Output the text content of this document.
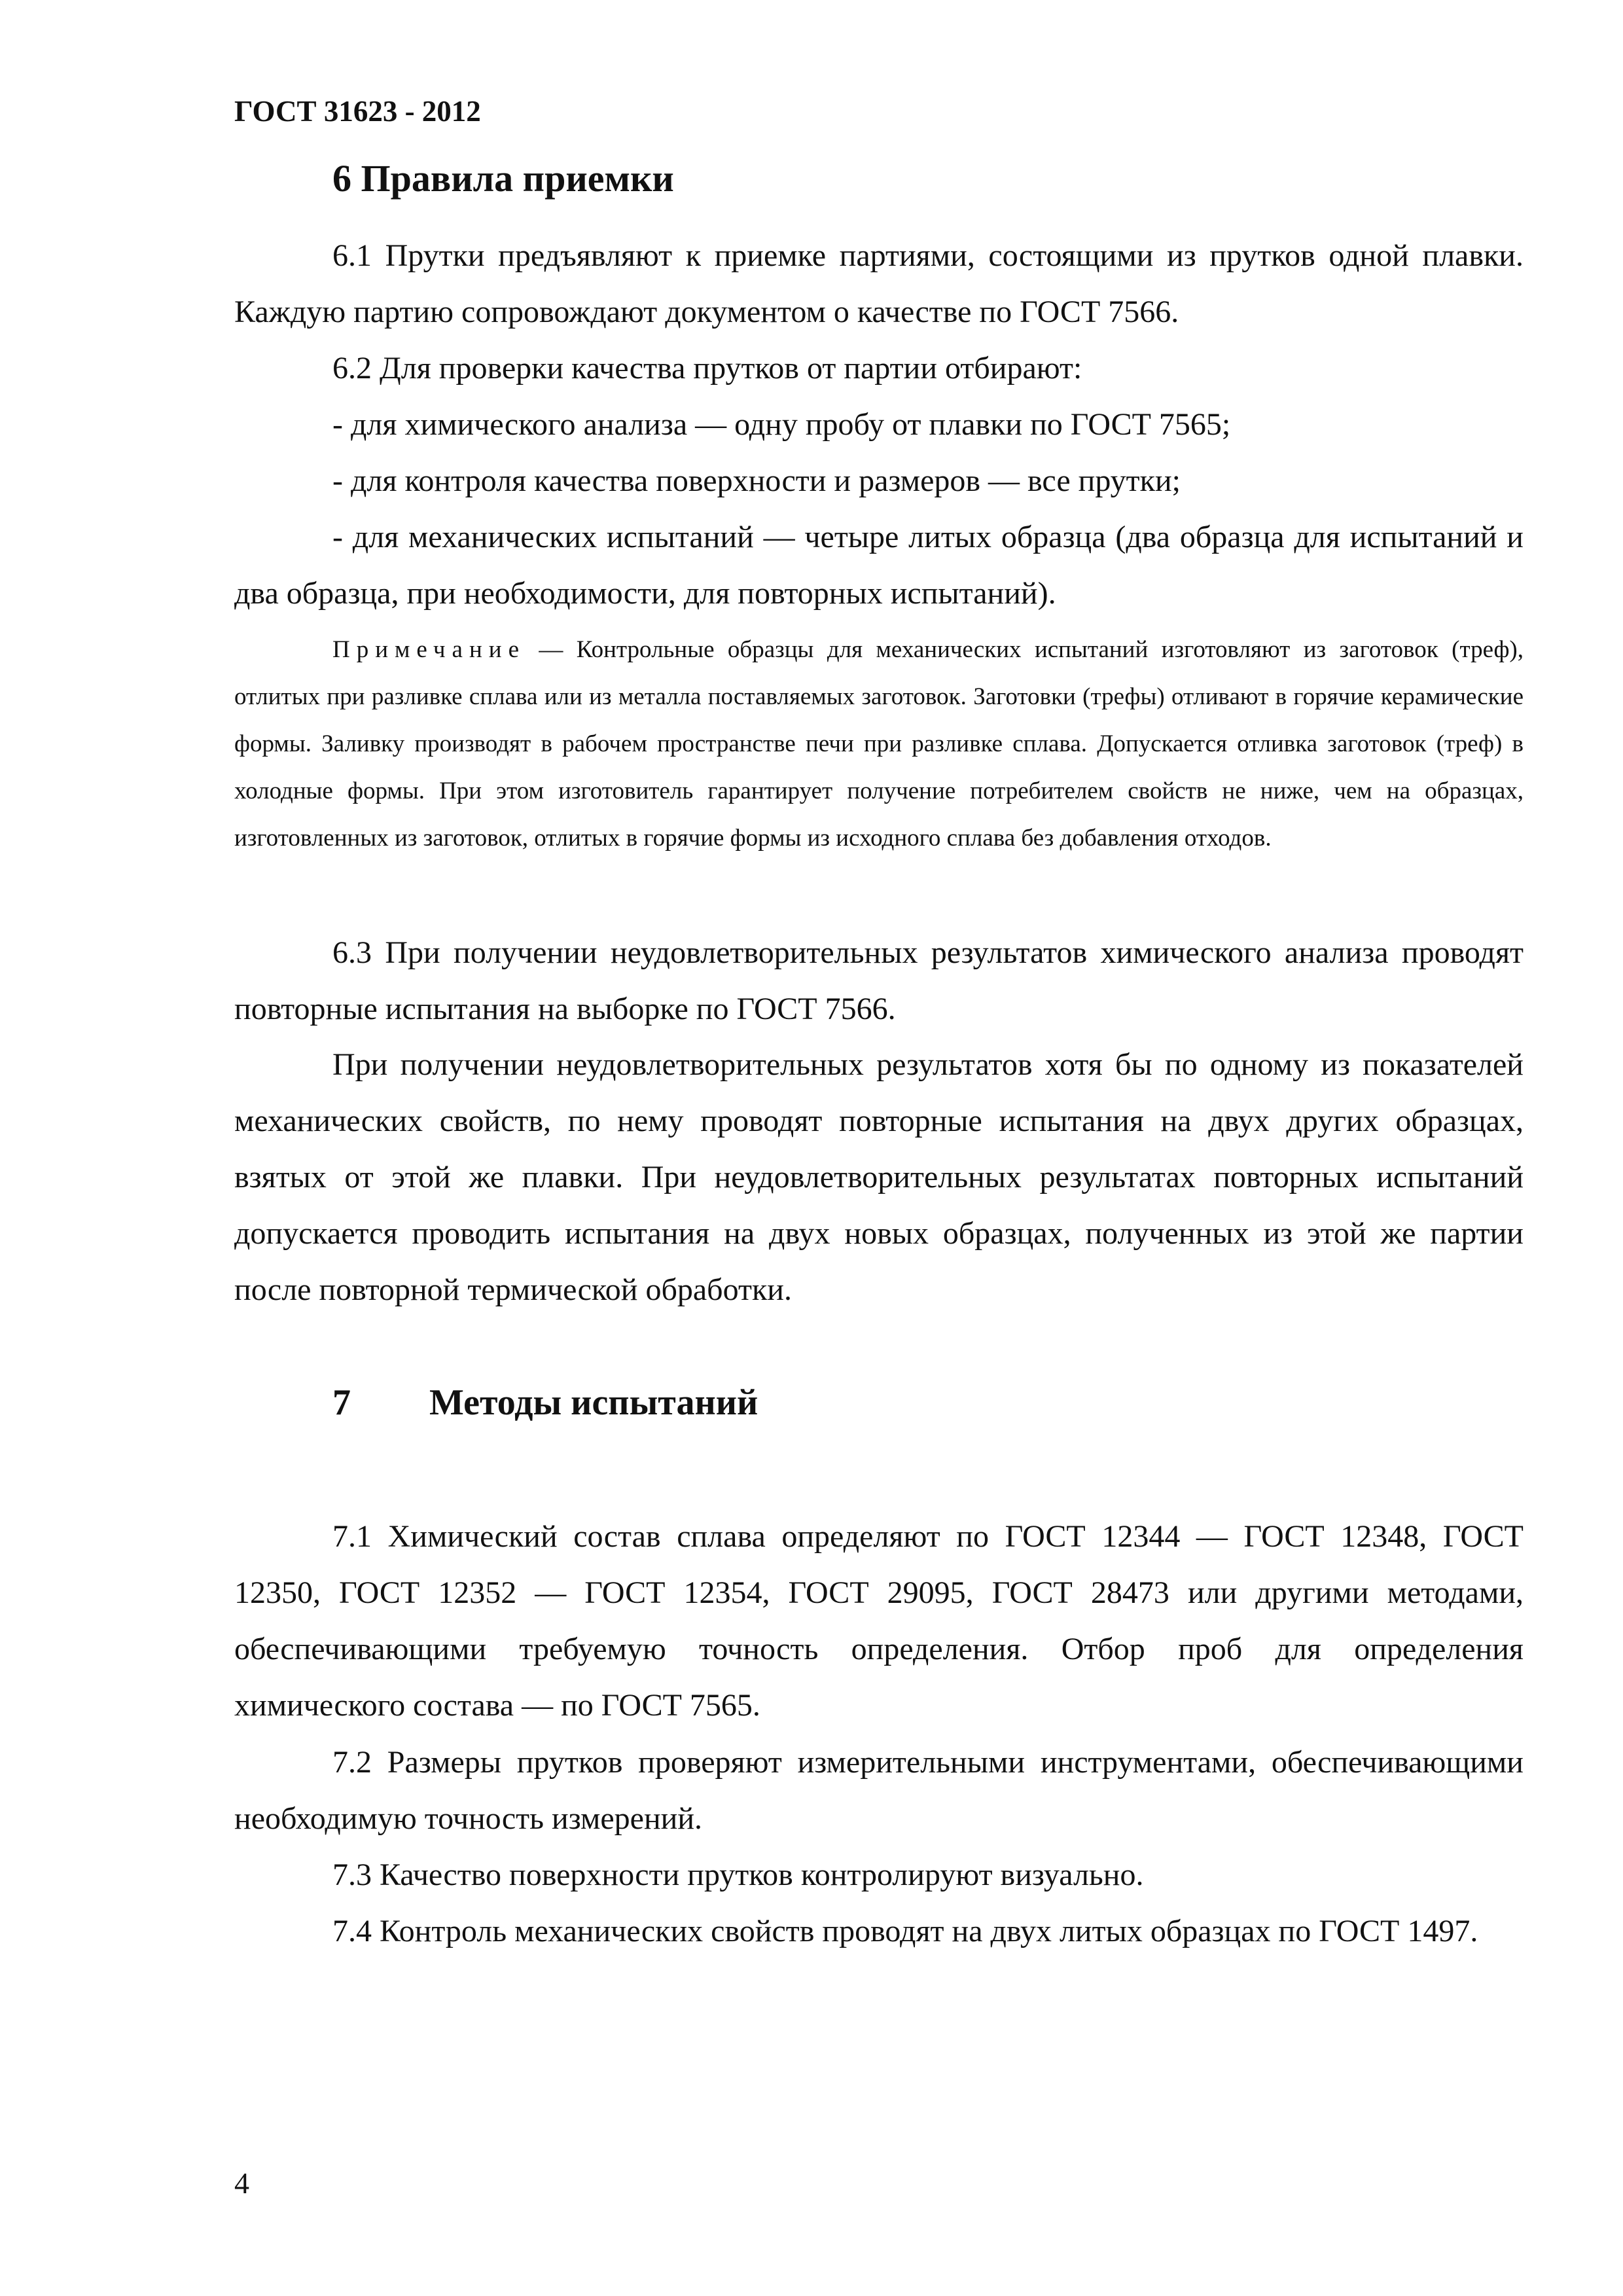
ГОСТ 31623 - 2012
6 Правила приемки

6.1 Прутки предъявляют к приемке партиями, состоящими из прутков одной плавки. Каждую партию сопровождают документом о качестве по ГОСТ 7566.

6.2 Для проверки качества прутков от партии отбирают:

- для химического анализа — одну пробу от плавки по ГОСТ 7565;

- для контроля качества поверхности и размеров — все прутки;

- для механических испытаний — четыре литых образца (два образца для испытаний и два образца, при необходимости, для повторных испытаний).

Примечание — Контрольные образцы для механических испытаний изготовляют из заготовок (треф), отлитых при разливке сплава или из металла поставляемых заготовок. Заготовки (трефы) отливают в горячие керамические формы. Заливку производят в рабочем пространстве печи при разливке сплава. Допускается отливка заготовок (треф) в холодные формы. При этом изготовитель гарантирует получение потребителем свойств не ниже, чем на образцах, изготовленных из заготовок, отлитых в горячие формы из исходного сплава без добавления отходов.

6.3 При получении неудовлетворительных результатов химического анализа проводят повторные испытания на выборке по ГОСТ 7566.

При получении неудовлетворительных результатов хотя бы по одному из показателей механических свойств, по нему проводят повторные испытания на двух других образцах, взятых от этой же плавки. При неудовлетворительных результатах повторных испытаний допускается проводить испытания на двух новых образцах, полученных из этой же партии после повторной термической обработки.

7 Методы испытаний

7.1 Химический состав сплава определяют по ГОСТ 12344 — ГОСТ 12348, ГОСТ 12350, ГОСТ 12352 — ГОСТ 12354, ГОСТ 29095, ГОСТ 28473 или другими методами, обеспечивающими требуемую точность определения. Отбор проб для определения химического состава — по ГОСТ 7565.

7.2 Размеры прутков проверяют измерительными инструментами, обеспечивающими необходимую точность измерений.

7.3 Качество поверхности прутков контролируют визуально.

7.4 Контроль механических свойств проводят на двух литых образцах по ГОСТ 1497.

4
